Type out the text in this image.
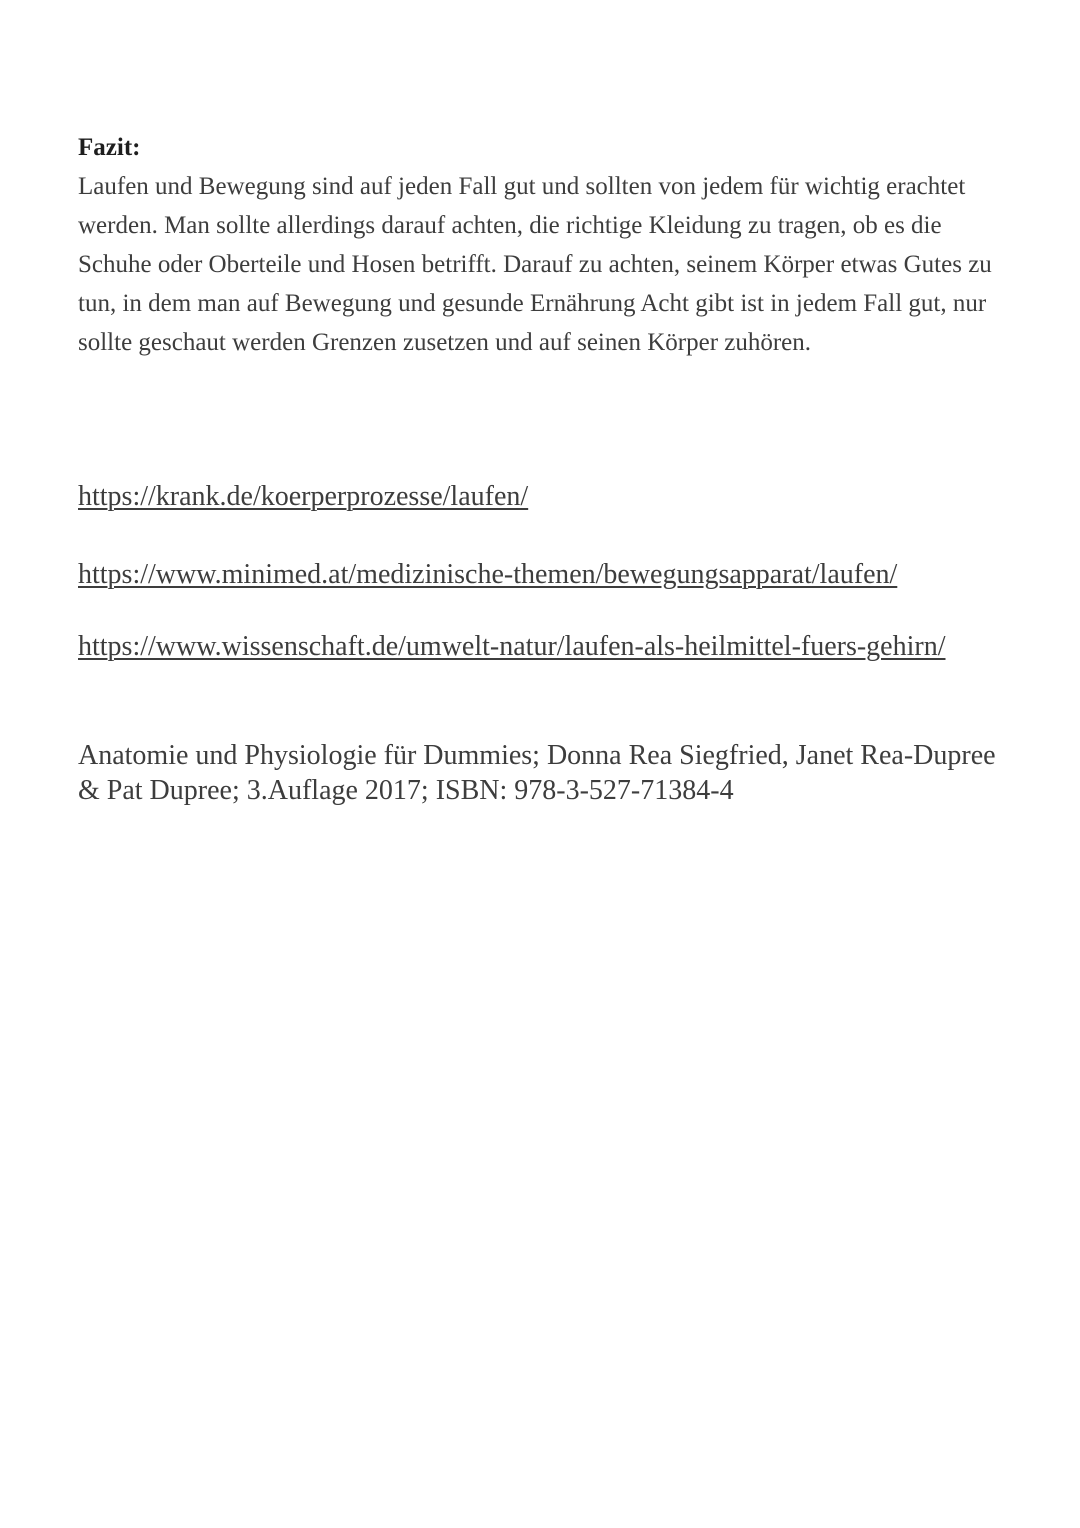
Fazit:

Laufen und Bewegung sind auf jeden Fall gut und sollten von jedem für wichtig erachtet werden. Man sollte allerdings darauf achten, die richtige Kleidung zu tragen, ob es die Schuhe oder Oberteile und Hosen betrifft. Darauf zu achten, seinem Körper etwas Gutes zu tun, in dem man auf Bewegung und gesunde Ernährung Acht gibt ist in jedem Fall gut, nur sollte geschaut werden Grenzen zusetzen und auf seinen Körper zuhören.

https://krank.de/koerperprozesse/laufen/
https://www.minimed.at/medizinische-themen/bewegungsapparat/laufen/
https://www.wissenschaft.de/umwelt-natur/laufen-als-heilmittel-fuers-gehirn/
Anatomie und Physiologie für Dummies; Donna Rea Siegfried, Janet Rea-Dupree & Pat Dupree; 3.Auflage 2017; ISBN: 978-3-527-71384-4
